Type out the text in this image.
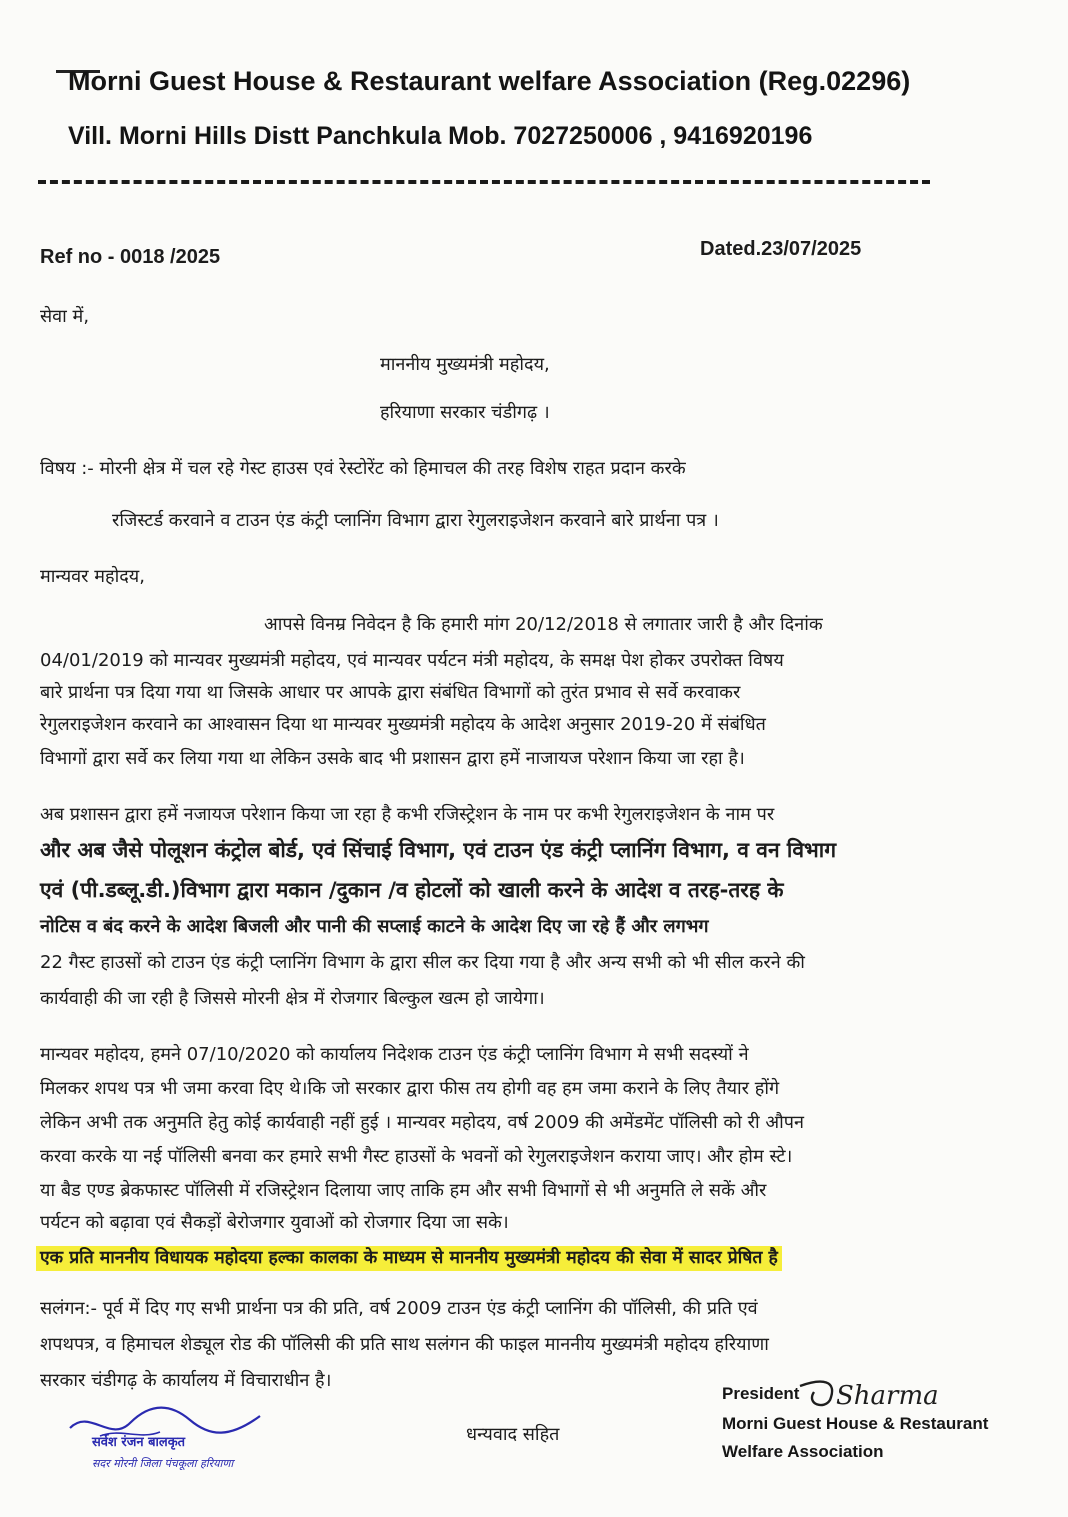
Morni Guest House & Restaurant welfare Association (Reg.02296)
Vill. Morni Hills Distt Panchkula Mob. 7027250006 , 9416920196
Ref no - 0018 /2025	Dated.23/07/2025
सेवा में,
माननीय मुख्यमंत्री महोदय,
हरियाणा सरकार चंडीगढ़ ।
विषय :- मोरनी क्षेत्र में चल रहे गेस्ट हाउस एवं रेस्टोरेंट को हिमाचल की तरह विशेष राहत प्रदान करके
रजिस्टर्ड करवाने व टाउन एंड कंट्री प्लानिंग विभाग द्वारा रेगुलराइजेशन करवाने बारे प्रार्थना पत्र ।
मान्यवर महोदय,
आपसे विनम्र निवेदन है कि हमारी मांग 20/12/2018 से लगातार जारी है और दिनांक
04/01/2019 को मान्यवर मुख्यमंत्री महोदय, एवं मान्यवर पर्यटन मंत्री महोदय, के समक्ष पेश होकर उपरोक्त विषय
बारे प्रार्थना पत्र दिया गया था जिसके आधार पर आपके द्वारा संबंधित विभागों को तुरंत प्रभाव से सर्वे करवाकर
रेगुलराइजेशन करवाने का आश्वासन दिया था मान्यवर मुख्यमंत्री महोदय के आदेश अनुसार 2019-20 में संबंधित
विभागों द्वारा सर्वे कर लिया गया था लेकिन उसके बाद भी प्रशासन द्वारा हमें नाजायज परेशान किया जा रहा है।
अब प्रशासन द्वारा हमें नजायज परेशान किया जा रहा है कभी रजिस्ट्रेशन के नाम पर कभी रेगुलराइजेशन के नाम पर
और अब जैसे पोलूशन कंट्रोल बोर्ड, एवं सिंचाई विभाग, एवं टाउन एंड कंट्री प्लानिंग विभाग, व वन विभाग
एवं (पी.डब्लू.डी.)विभाग द्वारा मकान /दुकान /व होटलों को खाली करने के आदेश व तरह-तरह के
नोटिस व बंद करने के आदेश बिजली और पानी की सप्लाई काटने के आदेश दिए जा रहे हैं और लगभग
22 गैस्ट हाउसों को टाउन एंड कंट्री प्लानिंग विभाग के द्वारा सील कर दिया गया है और अन्य सभी को भी सील करने की
कार्यवाही की जा रही है जिससे मोरनी क्षेत्र में रोजगार बिल्कुल खत्म हो जायेगा।
मान्यवर महोदय, हमने 07/10/2020 को कार्यालय निदेशक टाउन एंड कंट्री प्लानिंग विभाग मे सभी सदस्यों ने
मिलकर शपथ पत्र भी जमा करवा दिए थे।कि जो सरकार द्वारा फीस तय होगी वह हम जमा कराने के लिए तैयार होंगे
लेकिन अभी तक अनुमति हेतु कोई कार्यवाही नहीं हुई । मान्यवर महोदय, वर्ष 2009 की अमेंडमेंट पॉलिसी को री औपन
करवा करके या नई पॉलिसी बनवा कर हमारे सभी गैस्ट हाउसों के भवनों को रेगुलराइजेशन कराया जाए। और होम स्टे।
या बैड एण्ड ब्रेकफास्ट पॉलिसी में रजिस्ट्रेशन दिलाया जाए ताकि हम और सभी विभागों से भी अनुमति ले सकें और
पर्यटन को बढ़ावा एवं सैकड़ों बेरोजगार युवाओं को रोजगार दिया जा सके।
एक प्रति माननीय विधायक महोदया हल्का कालका के माध्यम से माननीय मुख्यमंत्री महोदय की सेवा में सादर प्रेषित है
सलंगन:- पूर्व में दिए गए सभी प्रार्थना पत्र की प्रति, वर्ष 2009 टाउन एंड कंट्री प्लानिंग की पॉलिसी, की प्रति एवं
शपथपत्र, व हिमाचल शेड्यूल रोड की पॉलिसी की प्रति साथ सलंगन की फाइल माननीय मुख्यमंत्री महोदय हरियाणा
सरकार चंडीगढ़ के कार्यालय में विचाराधीन है।
सर्वेश रंजन बालकृत
सदर मोरनी जिला पंचकूला हरियाणा
धन्यवाद सहित
President Sharma
Morni Guest House & Restaurant
Welfare Association
